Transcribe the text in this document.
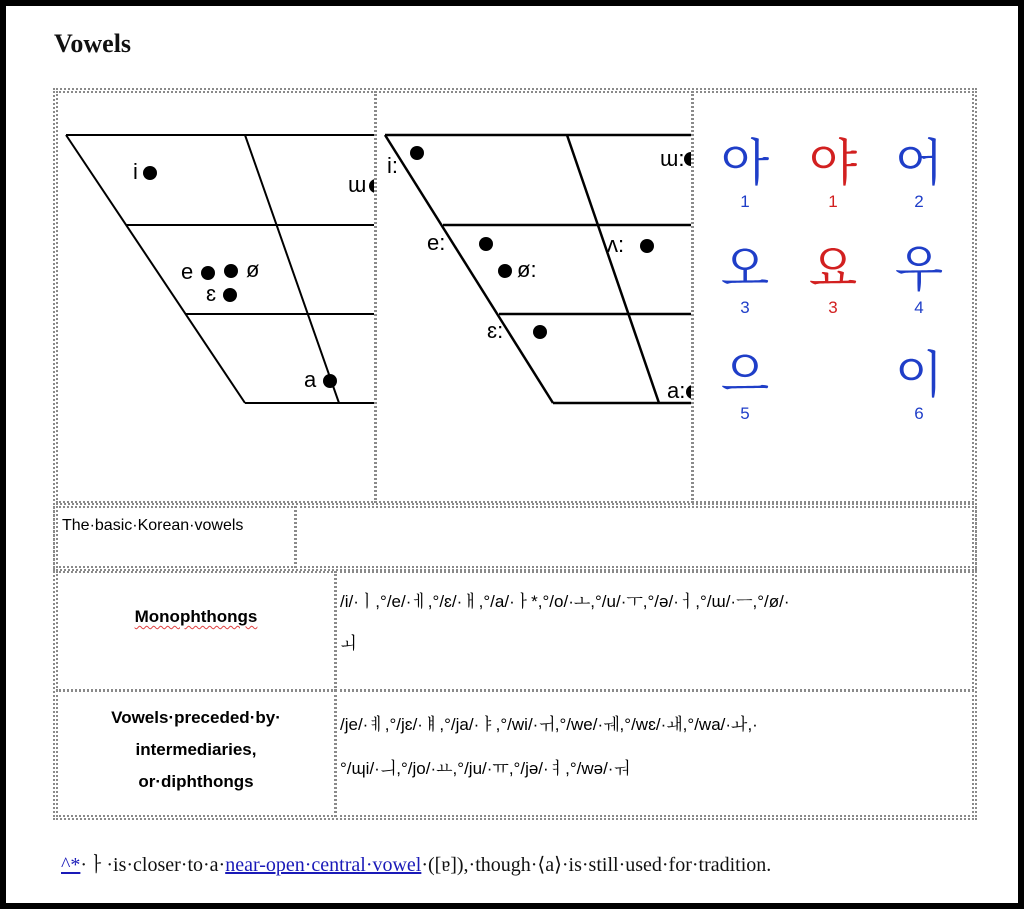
Vowels
i
ɯ
e ø
ɛ
a
i:	ɯ:
e:	ʌ:
ø:
ɛ:
a:
아
1
야
1
어
2
오
3
요
3
우
4
으
5
이
6
The·basic·Korean·vowels
Monophthongs
/i/·ㅣ,°/e/·ㅔ,°/ɛ/·ㅐ,°/a/·ㅏ*,°/o/·ㅗ,°/u/·ㅜ,°/ə/·ㅓ,°/ɯ/·ㅡ,°/ø/·
ㅚ
Vowels·preceded·by·
intermediaries,
or·diphthongs
/je/·ㅖ,°/jɛ/·ㅒ,°/ja/·ㅑ,°/wi/·ㅟ,°/we/·ㅞ,°/wɛ/·ㅙ,°/wa/·ㅘ,·
°/ɰi/·ㅢ,°/jo/·ㅛ,°/ju/·ㅠ,°/jə/·ㅕ,°/wə/·ㅝ
^*·ㅏ·is·closer·to·a·near-open·central·vowel·([ɐ]),·though·⟨a⟩·is·still·used·for·tradition.
